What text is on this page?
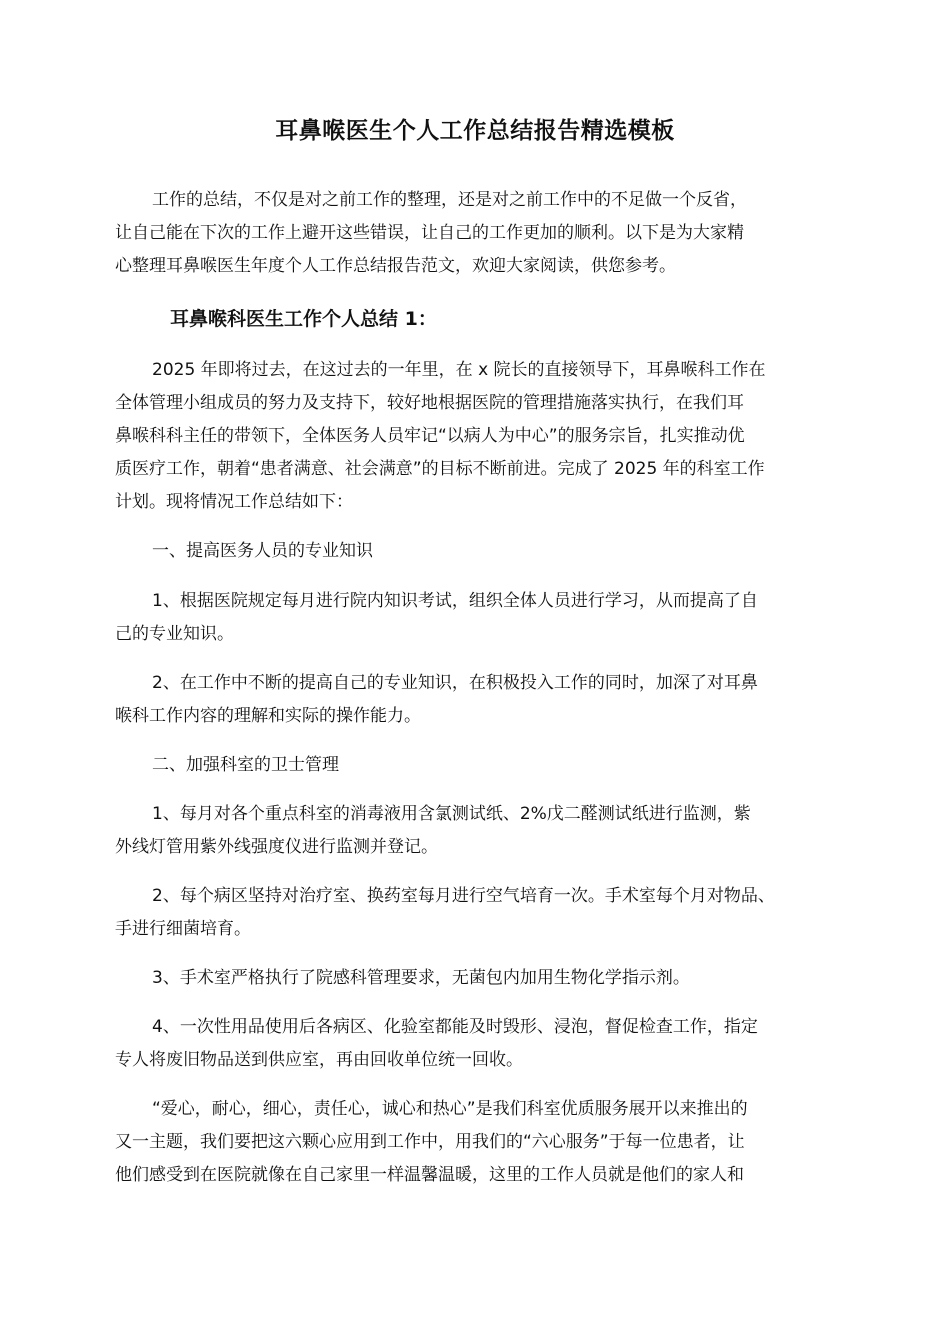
耳鼻喉医生个人工作总结报告精选模板
工作的总结，不仅是对之前工作的整理，还是对之前工作中的不足做一个反省，
让自己能在下次的工作上避开这些错误，让自己的工作更加的顺利。以下是为大家精
心整理耳鼻喉医生年度个人工作总结报告范文，欢迎大家阅读，供您参考。
耳鼻喉科医生工作个人总结 1：
2025 年即将过去，在这过去的一年里，在 x 院长的直接领导下，耳鼻喉科工作在
全体管理小组成员的努力及支持下，较好地根据医院的管理措施落实执行，在我们耳
鼻喉科科主任的带领下，全体医务人员牢记“以病人为中心”的服务宗旨，扎实推动优
质医疗工作，朝着“患者满意、社会满意”的目标不断前进。完成了 2025 年的科室工作
计划。现将情况工作总结如下：
一、提高医务人员的专业知识
1、根据医院规定每月进行院内知识考试，组织全体人员进行学习，从而提高了自
己的专业知识。
2、在工作中不断的提高自己的专业知识，在积极投入工作的同时，加深了对耳鼻
喉科工作内容的理解和实际的操作能力。
二、加强科室的卫士管理
1、每月对各个重点科室的消毒液用含氯测试纸、2%戊二醛测试纸进行监测，紫
外线灯管用紫外线强度仪进行监测并登记。
2、每个病区坚持对治疗室、换药室每月进行空气培育一次。手术室每个月对物品、
手进行细菌培育。
3、手术室严格执行了院感科管理要求，无菌包内加用生物化学指示剂。
4、一次性用品使用后各病区、化验室都能及时毁形、浸泡，督促检查工作，指定
专人将废旧物品送到供应室，再由回收单位统一回收。
“爱心，耐心，细心，责任心，诚心和热心”是我们科室优质服务展开以来推出的
又一主题，我们要把这六颗心应用到工作中，用我们的“六心服务”于每一位患者，让
他们感受到在医院就像在自己家里一样温馨温暖，这里的工作人员就是他们的家人和
